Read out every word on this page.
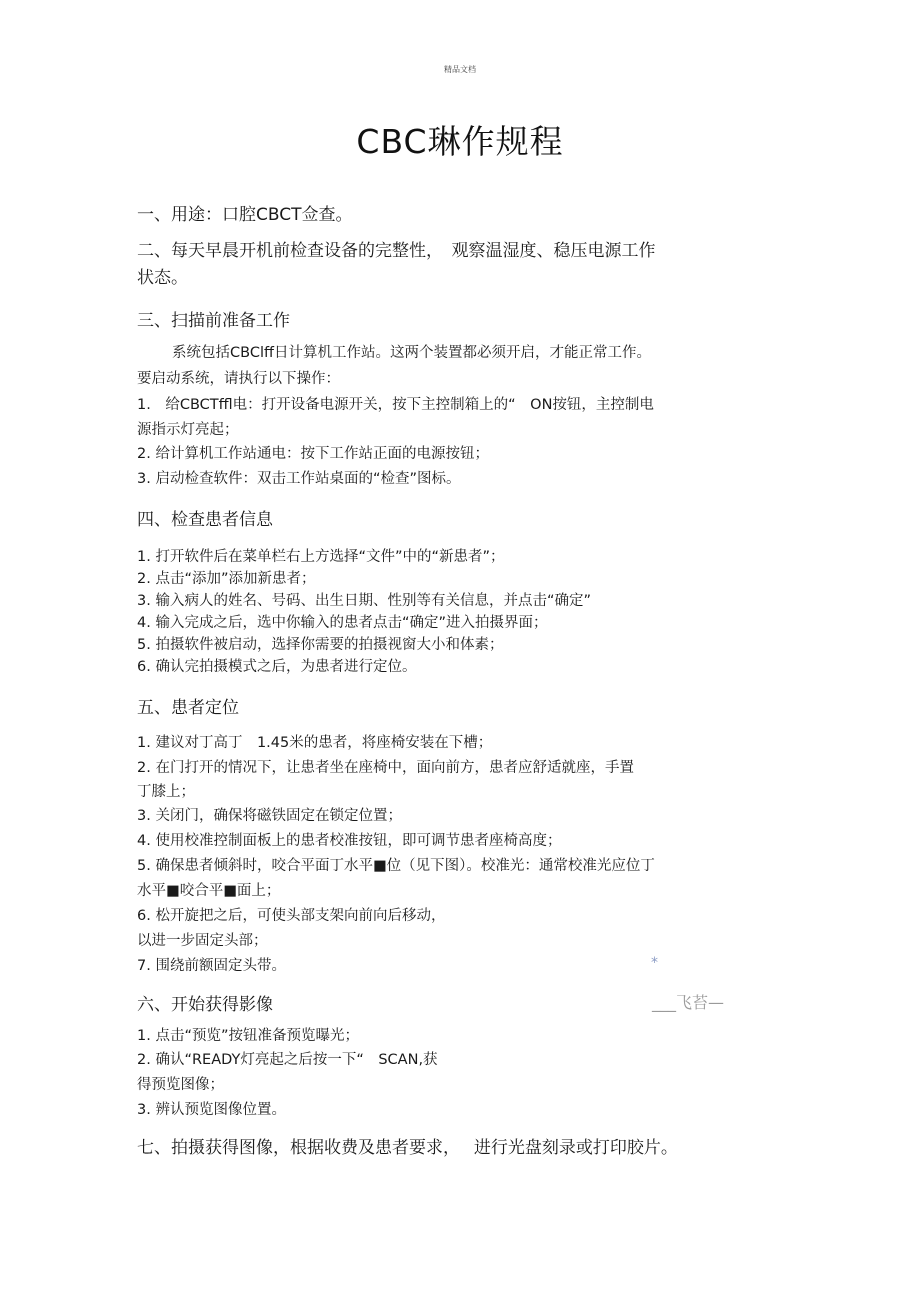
精品文档
CBC琳作规程
一、用途：口腔CBCT佥查。
二、每天早晨开机前检查设备的完整性，　观察温湿度、稳压电源工作
状态。
三、扫描前准备工作
系统包括CBClff日计算机工作站。这两个装置都必须开启，才能正常工作。
要启动系统，请执行以下操作：
1.　给CBCTffl电：打开设备电源开关，按下主控制箱上的“　ON按钮，主控制电
源指示灯亮起；
2. 给计算机工作站通电：按下工作站正面的电源按钮；
3. 启动检查软件：双击工作站桌面的“检查”图标。
四、检查患者信息
1. 打开软件后在菜单栏右上方选择“文件”中的“新患者”；
2. 点击“添加”添加新患者；
3. 输入病人的姓名、号码、出生日期、性别等有关信息，并点击“确定”
4. 输入完成之后，选中你输入的患者点击“确定”进入拍摄界面；
5. 拍摄软件被启动，选择你需要的拍摄视窗大小和体素；
6. 确认完拍摄模式之后，为患者进行定位。
五、患者定位
1. 建议对丁高丁　1.45米的患者，将座椅安装在下槽；
2. 在门打开的情况下，让患者坐在座椅中，面向前方，患者应舒适就座，手置
丁膝上；
3. 关闭门，确保将磁铁固定在锁定位置；
4. 使用校准控制面板上的患者校准按钮，即可调节患者座椅高度；
5. 确保患者倾斜时，咬合平面丁水平■位（见下图）。校准光：通常校准光应位丁
水平■咬合平■面上；
6. 松开旋把之后，可使头部支架向前向后移动，
以进一步固定头部；
7. 围绕前额固定头带。	*
六、开始获得影像	___飞苔—
1. 点击“预览”按钮准备预览曝光；
2. 确认“READY灯亮起之后按一下“　SCAN,获
得预览图像；
3. 辨认预览图像位置。
七、拍摄获得图像，根据收费及患者要求，　 进行光盘刻录或打印胶片。
